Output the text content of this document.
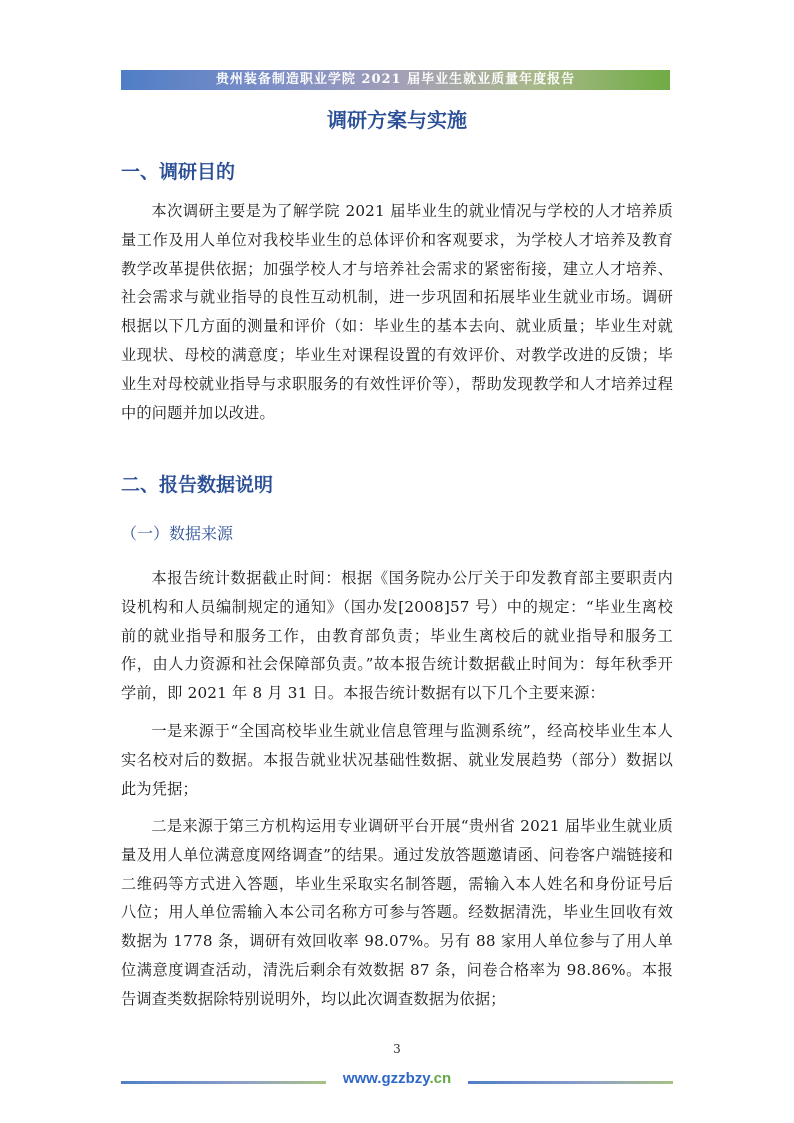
贵州装备制造职业学院 2021 届毕业生就业质量年度报告
调研方案与实施
一、调研目的

本次调研主要是为了解学院 2021 届毕业生的就业情况与学校的人才培养质量工作及用人单位对我校毕业生的总体评价和客观要求，为学校人才培养及教育教学改革提供依据；加强学校人才与培养社会需求的紧密衔接，建立人才培养、社会需求与就业指导的良性互动机制，进一步巩固和拓展毕业生就业市场。调研根据以下几方面的测量和评价（如：毕业生的基本去向、就业质量；毕业生对就业现状、母校的满意度；毕业生对课程设置的有效评价、对教学改进的反馈；毕业生对母校就业指导与求职服务的有效性评价等），帮助发现教学和人才培养过程中的问题并加以改进。

二、报告数据说明
（一）数据来源

本报告统计数据截止时间：根据《国务院办公厅关于印发教育部主要职责内设机构和人员编制规定的通知》（国办发[2008]57 号）中的规定：“毕业生离校前的就业指导和服务工作，由教育部负责；毕业生离校后的就业指导和服务工作，由人力资源和社会保障部负责。”故本报告统计数据截止时间为：每年秋季开学前，即 2021 年 8 月 31 日。本报告统计数据有以下几个主要来源：

一是来源于“全国高校毕业生就业信息管理与监测系统”，经高校毕业生本人实名校对后的数据。本报告就业状况基础性数据、就业发展趋势（部分）数据以此为凭据；

二是来源于第三方机构运用专业调研平台开展“贵州省 2021 届毕业生就业质量及用人单位满意度网络调查”的结果。通过发放答题邀请函、问卷客户端链接和二维码等方式进入答题，毕业生采取实名制答题，需输入本人姓名和身份证号后八位；用人单位需输入本公司名称方可参与答题。经数据清洗，毕业生回收有效数据为 1778 条，调研有效回收率 98.07%。另有 88 家用人单位参与了用人单位满意度调查活动，清洗后剩余有效数据 87 条，问卷合格率为 98.86%。本报告调查类数据除特别说明外，均以此次调查数据为依据；

3
www.gzzbzy.cn
